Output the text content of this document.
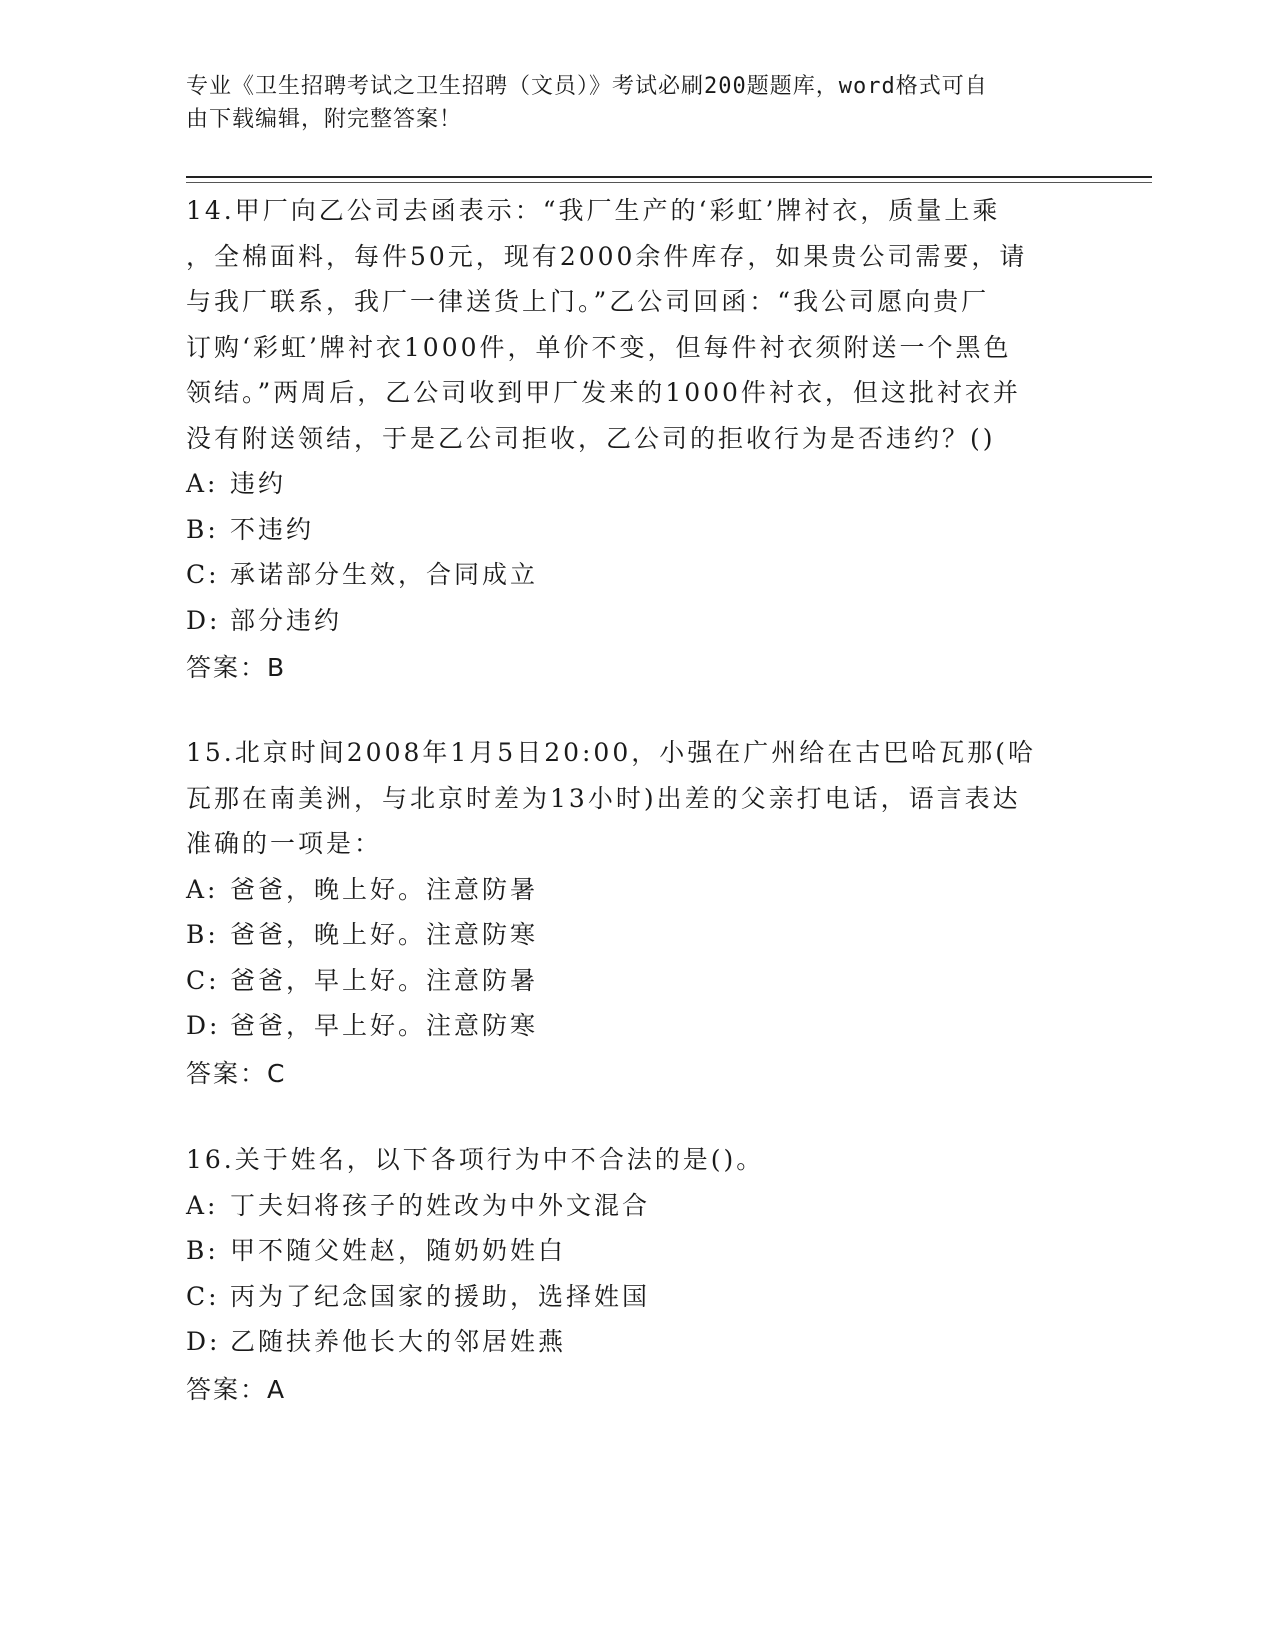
专业《卫生招聘考试之卫生招聘（文员）》考试必刷200题题库，word格式可自
由下载编辑，附完整答案！
14.甲厂向乙公司去函表示：“我厂生产的‘彩虹’牌衬衣，质量上乘
，全棉面料，每件50元，现有2000余件库存，如果贵公司需要，请
与我厂联系，我厂一律送货上门。”乙公司回函：“我公司愿向贵厂
订购‘彩虹’牌衬衣1000件，单价不变，但每件衬衣须附送一个黑色
领结。”两周后，乙公司收到甲厂发来的1000件衬衣，但这批衬衣并
没有附送领结，于是乙公司拒收，乙公司的拒收行为是否违约？()
A: 违约
B: 不违约
C: 承诺部分生效，合同成立
D: 部分违约
答案：B
15.北京时间2008年1月5日20:00，小强在广州给在古巴哈瓦那(哈
瓦那在南美洲，与北京时差为13小时)出差的父亲打电话，语言表达
准确的一项是：
A: 爸爸，晚上好。注意防暑
B: 爸爸，晚上好。注意防寒
C: 爸爸，早上好。注意防暑
D: 爸爸，早上好。注意防寒
答案：C
16.关于姓名，以下各项行为中不合法的是()。
A: 丁夫妇将孩子的姓改为中外文混合
B: 甲不随父姓赵，随奶奶姓白
C: 丙为了纪念国家的援助，选择姓国
D: 乙随扶养他长大的邻居姓燕
答案：A
